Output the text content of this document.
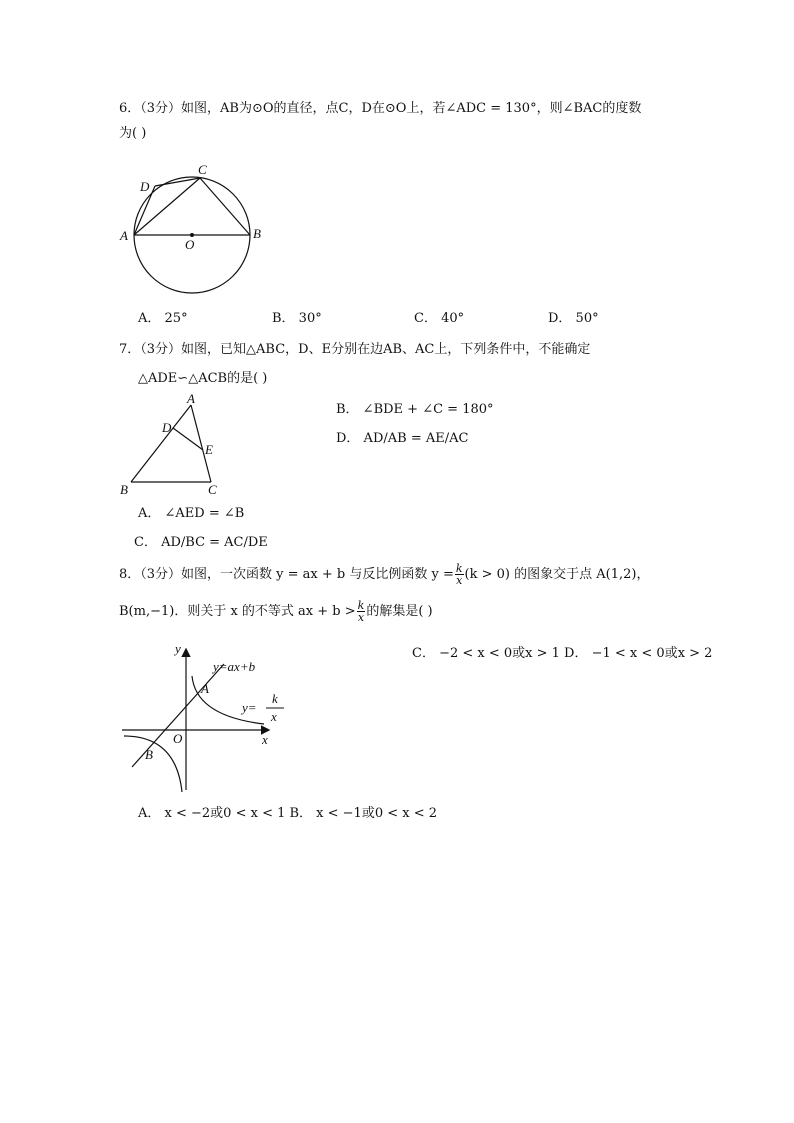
6．（3分）如图，AB为⊙O的直径，点C，D在⊙O上，若∠ADC = 130°，则∠BAC的度数
为( )
A	B
C
D
O
A． 25°	B． 30°	C． 40°	D． 50°
7．（3分）如图，已知△ABC，D、E分别在边AB、AC上，下列条件中，不能确定
△ADE∽△ACB的是( )
A
B	C
D
E
B． ∠BDE + ∠C = 180°
D． AD/AB = AE/AC
A． ∠AED = ∠B
C． AD/BC = AC/DE
8．（3分）如图，一次函数 y = ax + b 与反比例函数 $y = \frac{k}{x} (k > 0)$ 的图象交于点 A(1,2)，
B(m,−1)．则关于 x 的不等式 ax + $b > \frac{k}{x}$ 的解集是( )
y
x
O
A
B
y=ax+b
y=
k
x
C． −2 < x < 0或x > 1 D． −1 < x < 0或x > 2
A． x < −2或0 < x < 1 B． x < −1或0 < x < 2
